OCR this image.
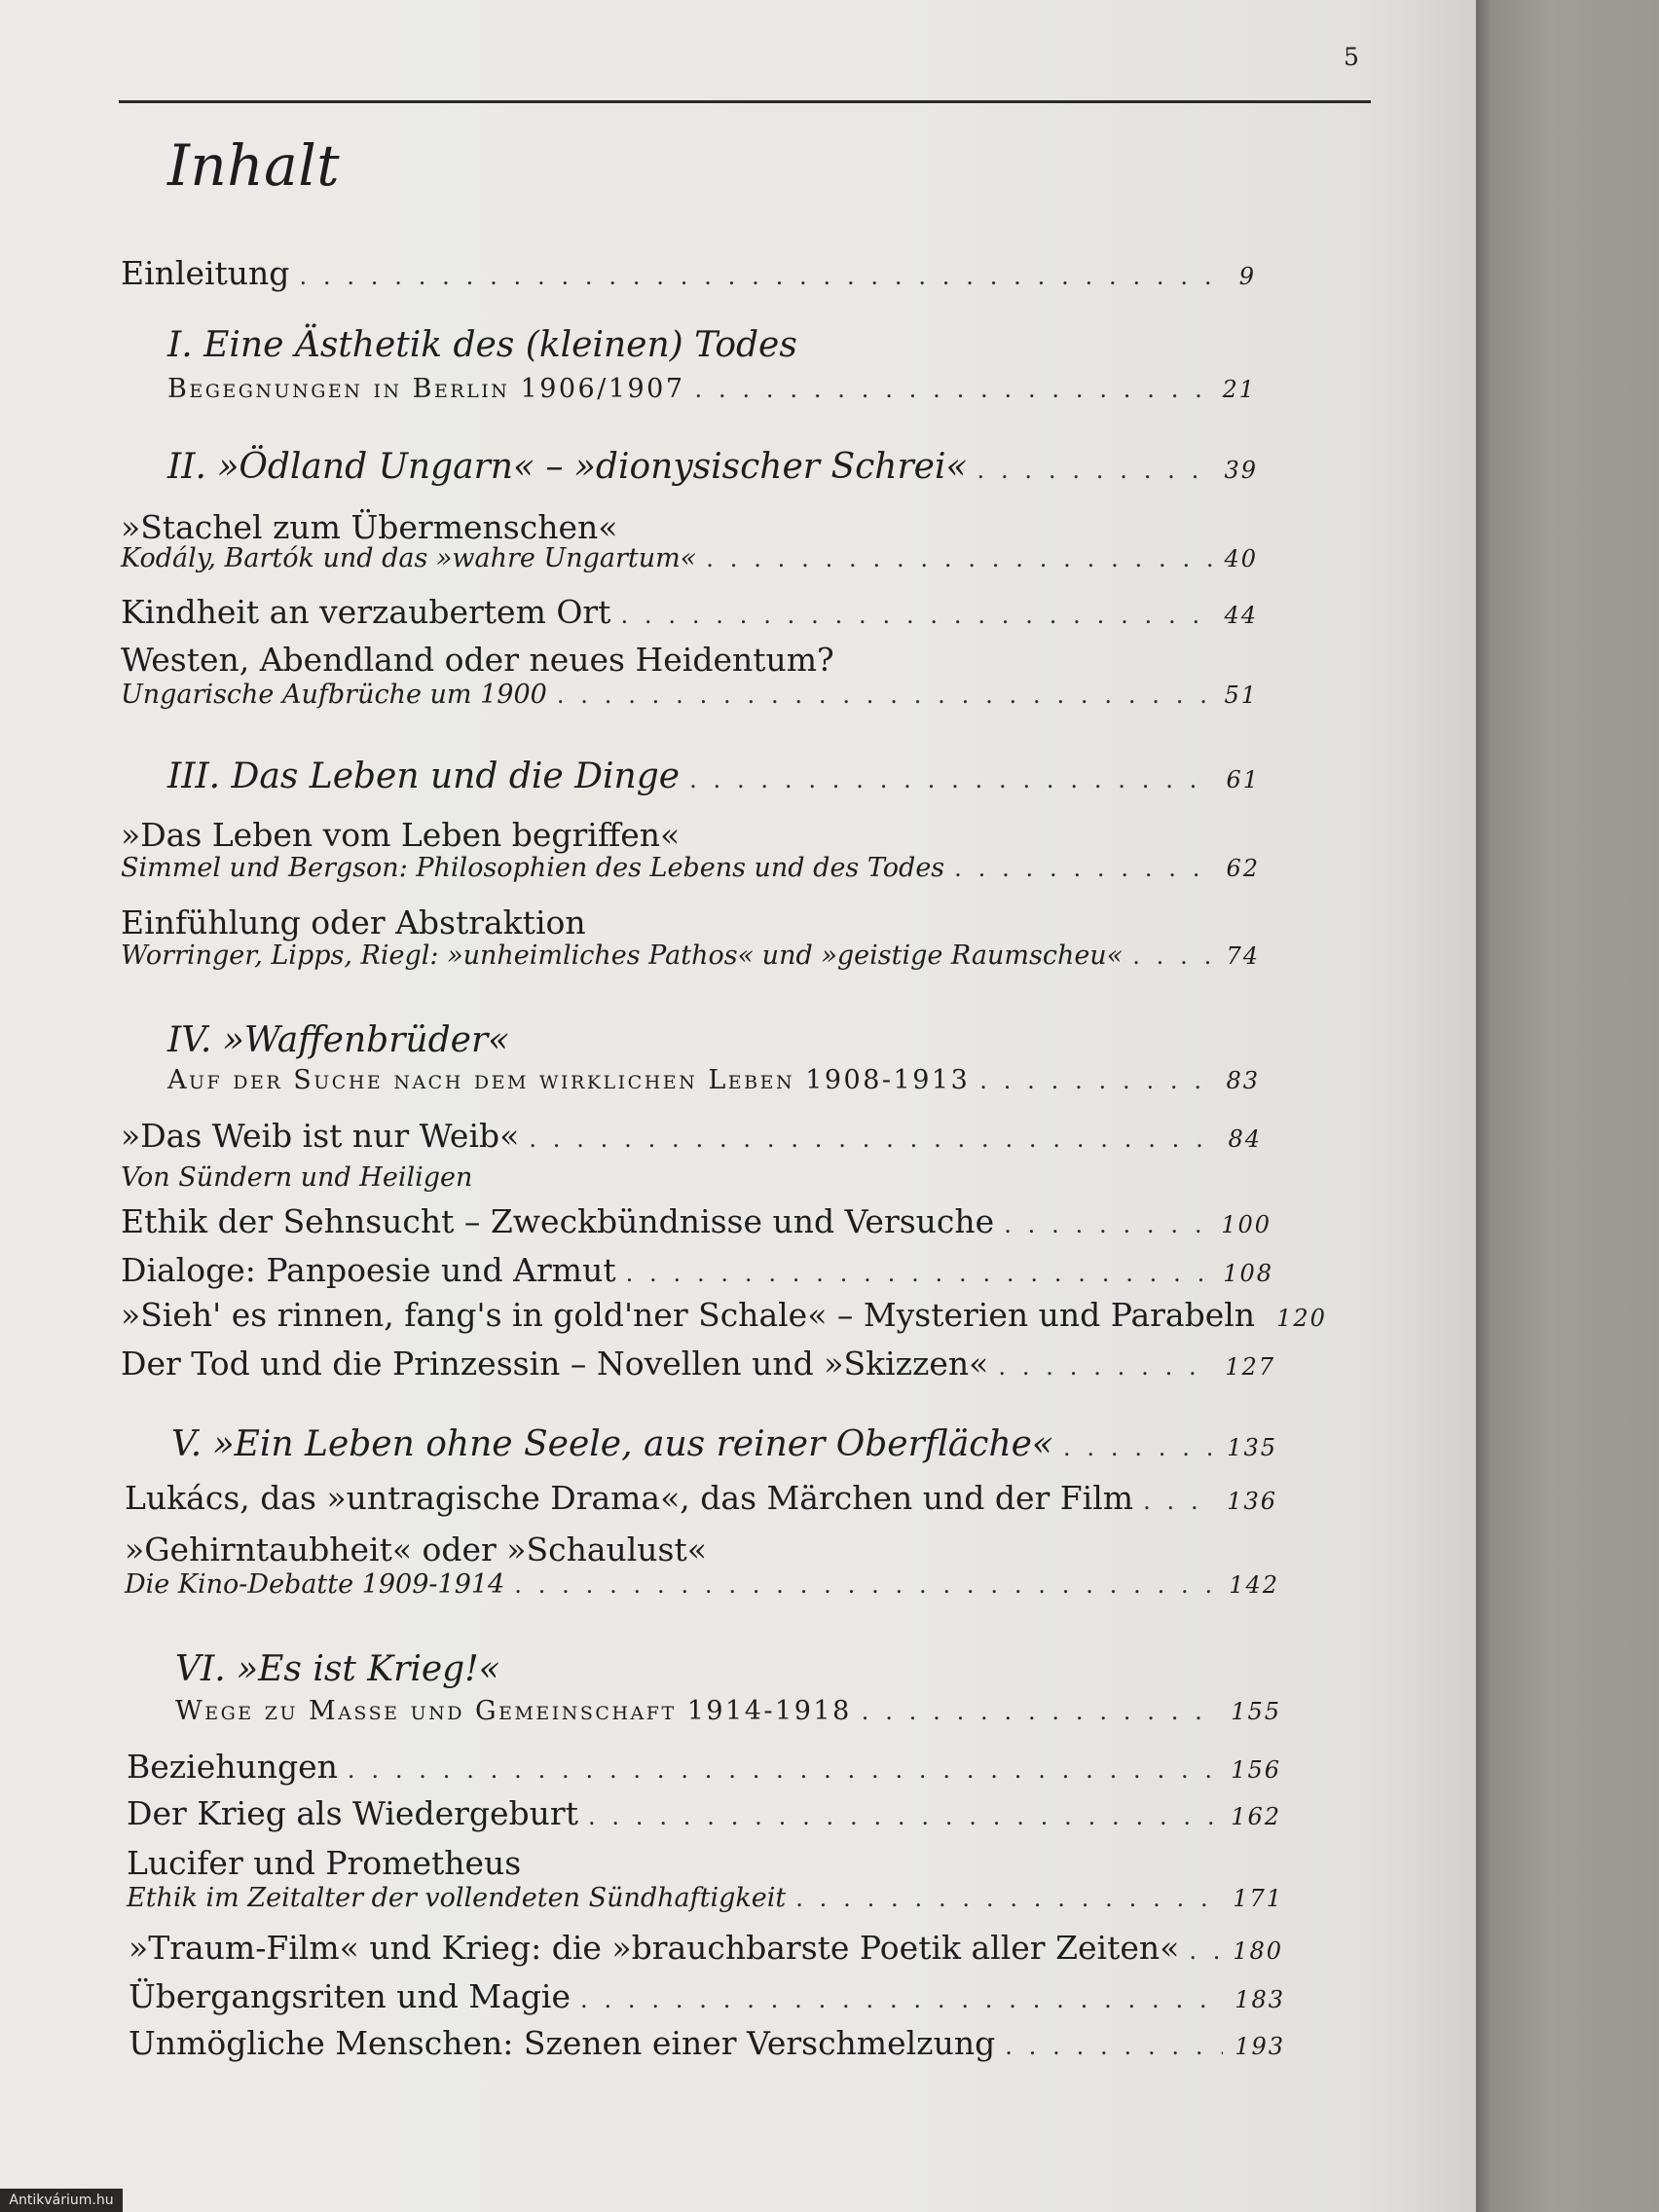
5
Inhalt
Einleitung . . .	9
I. Eine Ästhetik des (kleinen) Todes
Begegnungen in Berlin 1906/1907 . . .	21
II. »Ödland Ungarn« – »dionysischer Schrei« . . .	39
»Stachel zum Übermenschen«
Kodály, Bartók und das »wahre Ungartum« . . .	40
Kindheit an verzaubertem Ort . . .	44
Westen, Abendland oder neues Heidentum?
Ungarische Aufbrüche um 1900 . . .	51
III. Das Leben und die Dinge . . .	61
»Das Leben vom Leben begriffen«
Simmel und Bergson: Philosophien des Lebens und des Todes . . .	62
Einfühlung oder Abstraktion
Worringer, Lipps, Riegl: »unheimliches Pathos« und »geistige Raumscheu« . . .	74
IV. »Waffenbrüder«
Auf der Suche nach dem wirklichen Leben 1908-1913 . . .	83
»Das Weib ist nur Weib« . . .	84
Von Sündern und Heiligen
Ethik der Sehnsucht – Zweckbündnisse und Versuche . . .	100
Dialoge: Panpoesie und Armut . . .	108
»Sieh' es rinnen, fang's in gold'ner Schale« – Mysterien und Parabeln 120
Der Tod und die Prinzessin – Novellen und »Skizzen« . . .	127
V. »Ein Leben ohne Seele, aus reiner Oberfläche« . . .	135
Lukács, das »untragische Drama«, das Märchen und der Film . . .	136
»Gehirntaubheit« oder »Schaulust«
Die Kino-Debatte 1909-1914 . . .	142
VI. »Es ist Krieg!«
Wege zu Masse und Gemeinschaft 1914-1918 . . .	155
Beziehungen . . .	156
Der Krieg als Wiedergeburt . . .	162
Lucifer und Prometheus
Ethik im Zeitalter der vollendeten Sündhaftigkeit . . .	171
»Traum-Film« und Krieg: die »brauchbarste Poetik aller Zeiten« . . .	180
Übergangsriten und Magie . . .	183
Unmögliche Menschen: Szenen einer Verschmelzung . . .	193
Antikvárium.hu
